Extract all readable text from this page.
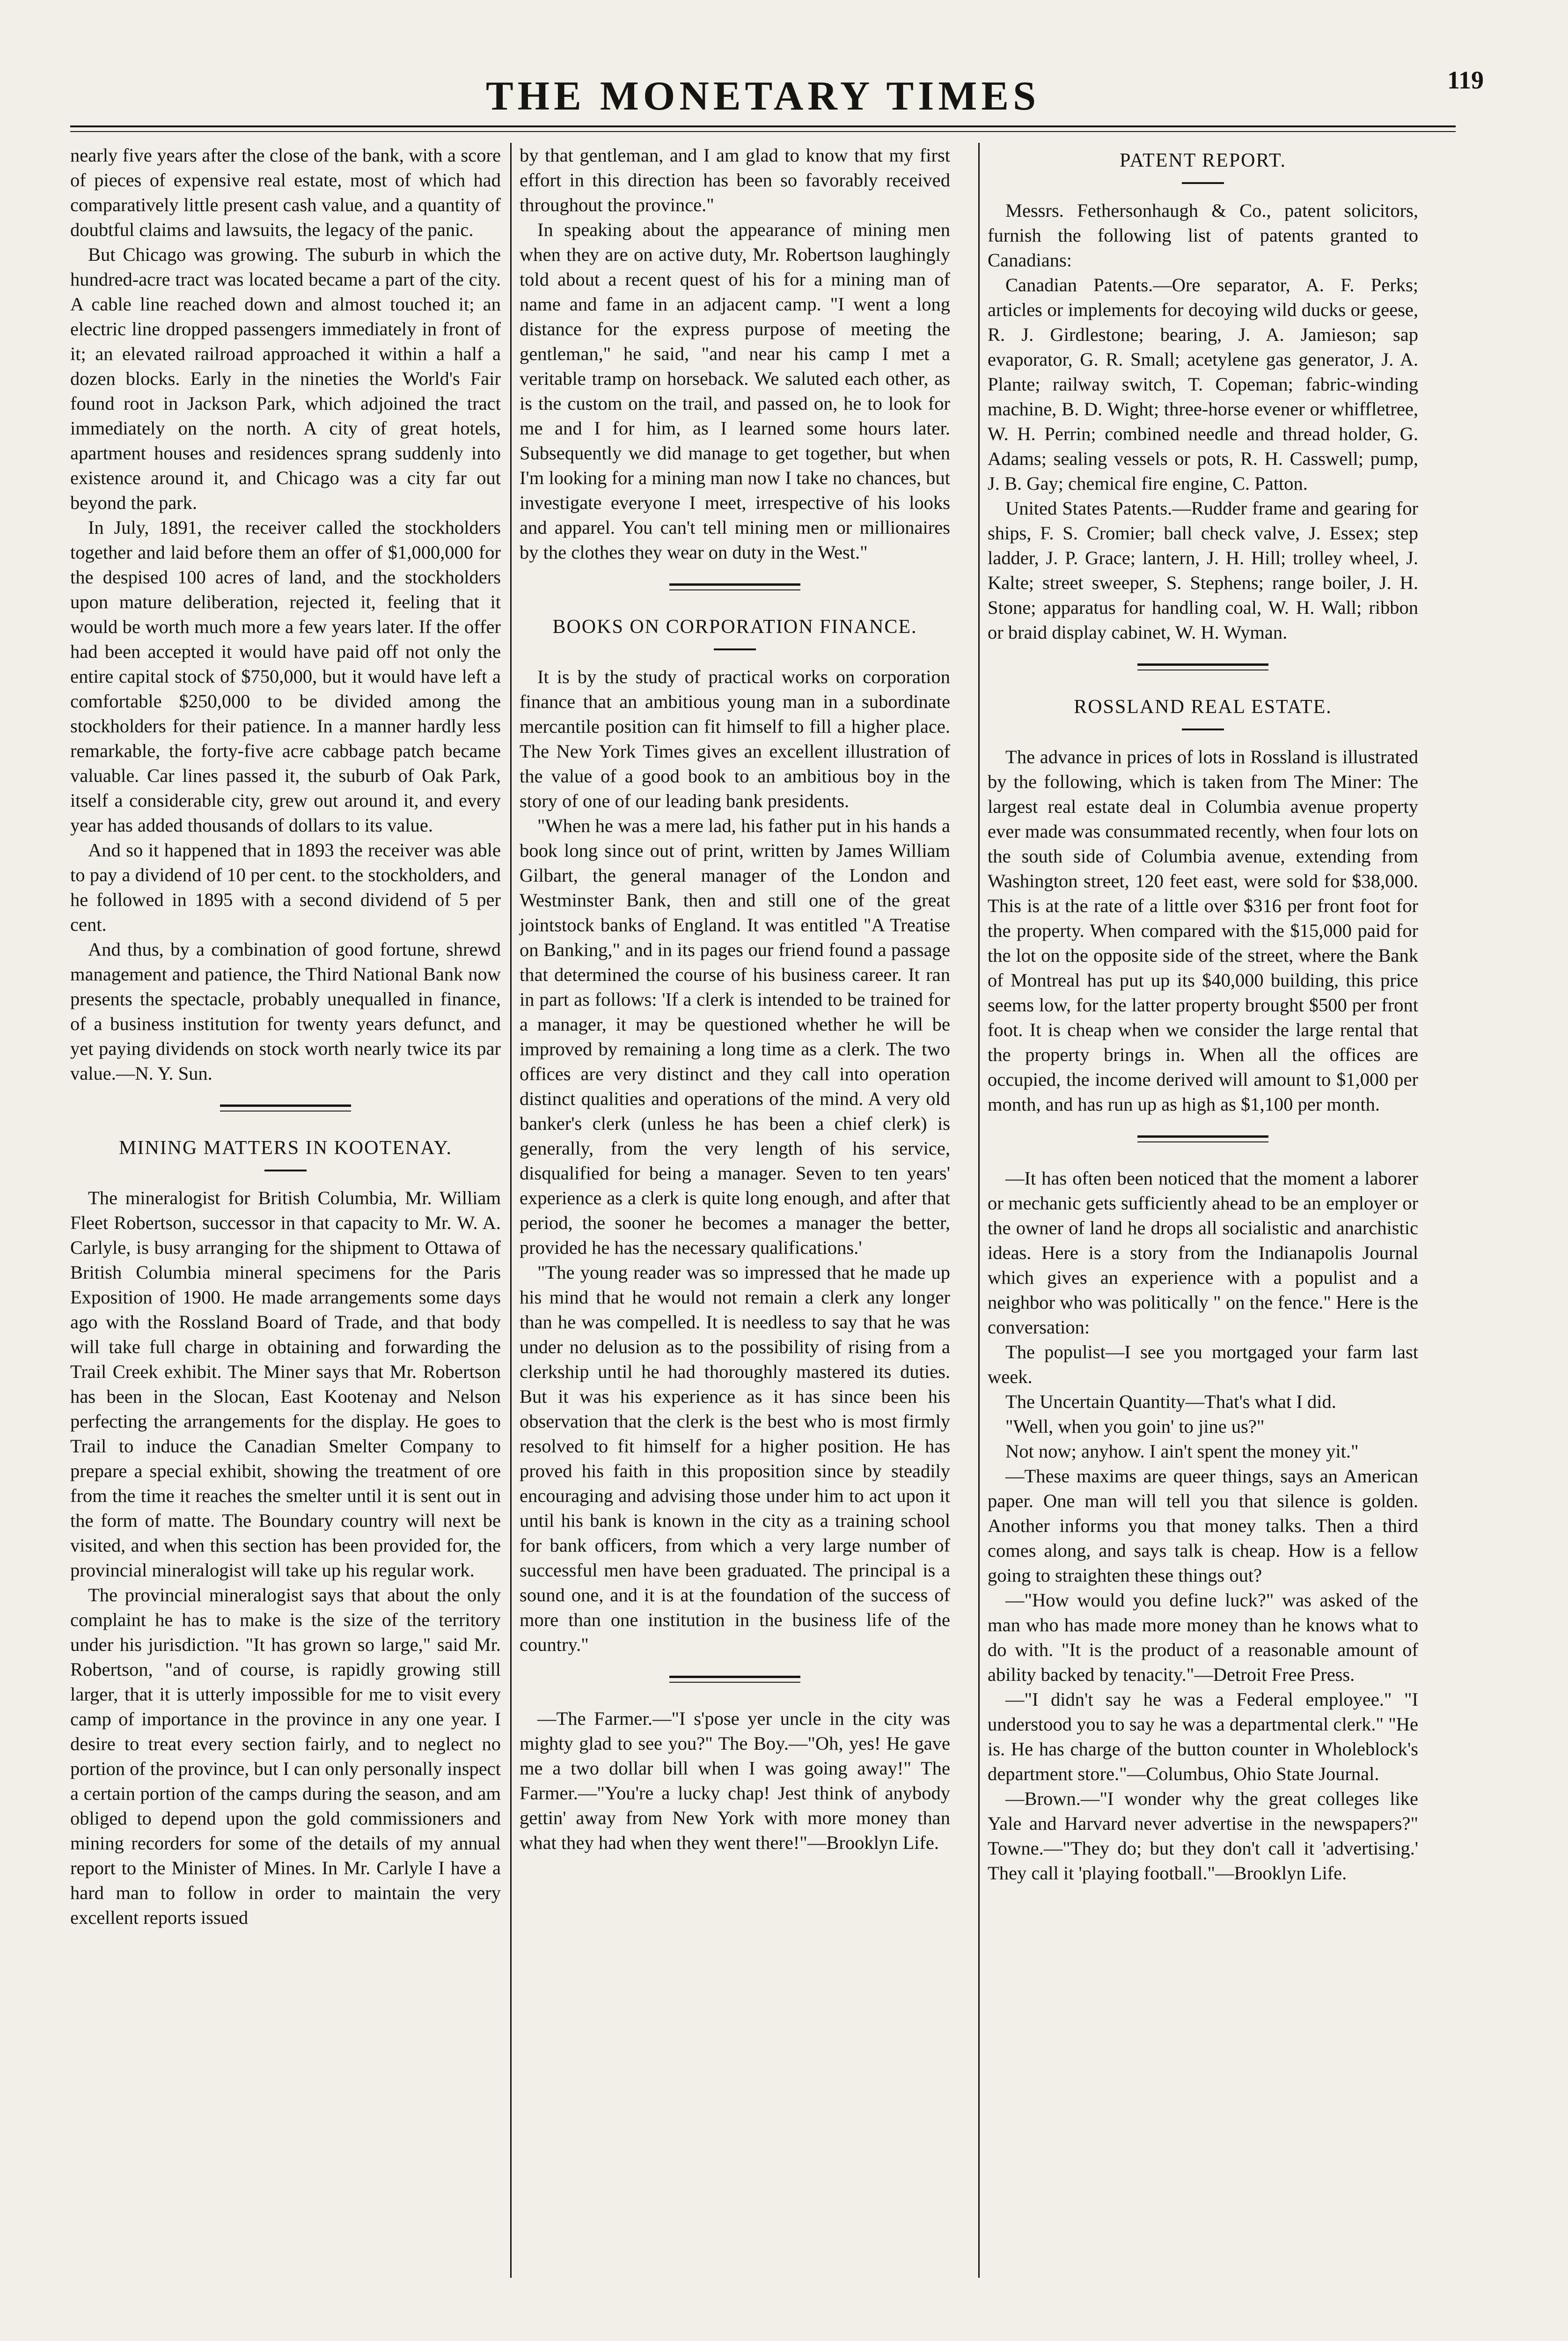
THE MONETARY TIMES	119

nearly five years after the close of the bank, with a score of pieces of expensive real estate, most of which had comparatively little present cash value, and a quantity of doubtful claims and lawsuits, the legacy of the panic.

But Chicago was growing. The suburb in which the hundred-acre tract was located became a part of the city. A cable line reached down and almost touched it; an electric line dropped passengers immediately in front of it; an elevated railroad approached it within a half a dozen blocks. Early in the nineties the World's Fair found root in Jackson Park, which adjoined the tract immediately on the north. A city of great hotels, apartment houses and residences sprang suddenly into existence around it, and Chicago was a city far out beyond the park.

In July, 1891, the receiver called the stockholders together and laid before them an offer of $1,000,000 for the despised 100 acres of land, and the stockholders upon mature deliberation, rejected it, feeling that it would be worth much more a few years later. If the offer had been accepted it would have paid off not only the entire capital stock of $750,000, but it would have left a comfortable $250,000 to be divided among the stockholders for their patience. In a manner hardly less remarkable, the forty-five acre cabbage patch became valuable. Car lines passed it, the suburb of Oak Park, itself a considerable city, grew out around it, and every year has added thousands of dollars to its value.

And so it happened that in 1893 the receiver was able to pay a dividend of 10 per cent. to the stockholders, and he followed in 1895 with a second dividend of 5 per cent.

And thus, by a combination of good fortune, shrewd management and patience, the Third National Bank now presents the spectacle, probably unequalled in finance, of a business institution for twenty years defunct, and yet paying dividends on stock worth nearly twice its par value.—N. Y. Sun.

MINING MATTERS IN KOOTENAY.

The mineralogist for British Columbia, Mr. William Fleet Robertson, successor in that capacity to Mr. W. A. Carlyle, is busy arranging for the shipment to Ottawa of British Columbia mineral specimens for the Paris Exposition of 1900. He made arrangements some days ago with the Rossland Board of Trade, and that body will take full charge in obtaining and forwarding the Trail Creek exhibit. The Miner says that Mr. Robertson has been in the Slocan, East Kootenay and Nelson perfecting the arrangements for the display. He goes to Trail to induce the Canadian Smelter Company to prepare a special exhibit, showing the treatment of ore from the time it reaches the smelter until it is sent out in the form of matte. The Boundary country will next be visited, and when this section has been provided for, the provincial mineralogist will take up his regular work.

The provincial mineralogist says that about the only complaint he has to make is the size of the territory under his jurisdiction. "It has grown so large," said Mr. Robertson, "and of course, is rapidly growing still larger, that it is utterly impossible for me to visit every camp of importance in the province in any one year. I desire to treat every section fairly, and to neglect no portion of the province, but I can only personally inspect a certain portion of the camps during the season, and am obliged to depend upon the gold commissioners and mining recorders for some of the details of my annual report to the Minister of Mines. In Mr. Carlyle I have a hard man to follow in order to maintain the very excellent reports issued

by that gentleman, and I am glad to know that my first effort in this direction has been so favorably received throughout the province."

In speaking about the appearance of mining men when they are on active duty, Mr. Robertson laughingly told about a recent quest of his for a mining man of name and fame in an adjacent camp. "I went a long distance for the express purpose of meeting the gentleman," he said, "and near his camp I met a veritable tramp on horseback. We saluted each other, as is the custom on the trail, and passed on, he to look for me and I for him, as I learned some hours later. Subsequently we did manage to get together, but when I'm looking for a mining man now I take no chances, but investigate everyone I meet, irrespective of his looks and apparel. You can't tell mining men or millionaires by the clothes they wear on duty in the West."

BOOKS ON CORPORATION FINANCE.

It is by the study of practical works on corporation finance that an ambitious young man in a subordinate mercantile position can fit himself to fill a higher place. The New York Times gives an excellent illustration of the value of a good book to an ambitious boy in the story of one of our leading bank presidents.

"When he was a mere lad, his father put in his hands a book long since out of print, written by James William Gilbart, the general manager of the London and Westminster Bank, then and still one of the great jointstock banks of England. It was entitled "A Treatise on Banking," and in its pages our friend found a passage that determined the course of his business career. It ran in part as follows: 'If a clerk is intended to be trained for a manager, it may be questioned whether he will be improved by remaining a long time as a clerk. The two offices are very distinct and they call into operation distinct qualities and operations of the mind. A very old banker's clerk (unless he has been a chief clerk) is generally, from the very length of his service, disqualified for being a manager. Seven to ten years' experience as a clerk is quite long enough, and after that period, the sooner he becomes a manager the better, provided he has the necessary qualifications.'

"The young reader was so impressed that he made up his mind that he would not remain a clerk any longer than he was compelled. It is needless to say that he was under no delusion as to the possibility of rising from a clerkship until he had thoroughly mastered its duties. But it was his experience as it has since been his observation that the clerk is the best who is most firmly resolved to fit himself for a higher position. He has proved his faith in this proposition since by steadily encouraging and advising those under him to act upon it until his bank is known in the city as a training school for bank officers, from which a very large number of successful men have been graduated. The principal is a sound one, and it is at the foundation of the success of more than one institution in the business life of the country."

—The Farmer.—"I s'pose yer uncle in the city was mighty glad to see you?" The Boy.—"Oh, yes! He gave me a two dollar bill when I was going away!" The Farmer.—"You're a lucky chap! Jest think of anybody gettin' away from New York with more money than what they had when they went there!"—Brooklyn Life.

PATENT REPORT.

Messrs. Fethersonhaugh & Co., patent solicitors, furnish the following list of patents granted to Canadians:

Canadian Patents.—Ore separator, A. F. Perks; articles or implements for decoying wild ducks or geese, R. J. Girdlestone; bearing, J. A. Jamieson; sap evaporator, G. R. Small; acetylene gas generator, J. A. Plante; railway switch, T. Copeman; fabric-winding machine, B. D. Wight; three-horse evener or whiffletree, W. H. Perrin; combined needle and thread holder, G. Adams; sealing vessels or pots, R. H. Casswell; pump, J. B. Gay; chemical fire engine, C. Patton.

United States Patents.—Rudder frame and gearing for ships, F. S. Cromier; ball check valve, J. Essex; step ladder, J. P. Grace; lantern, J. H. Hill; trolley wheel, J. Kalte; street sweeper, S. Stephens; range boiler, J. H. Stone; apparatus for handling coal, W. H. Wall; ribbon or braid display cabinet, W. H. Wyman.

ROSSLAND REAL ESTATE.

The advance in prices of lots in Rossland is illustrated by the following, which is taken from The Miner: The largest real estate deal in Columbia avenue property ever made was consummated recently, when four lots on the south side of Columbia avenue, extending from Washington street, 120 feet east, were sold for $38,000. This is at the rate of a little over $316 per front foot for the property. When compared with the $15,000 paid for the lot on the opposite side of the street, where the Bank of Montreal has put up its $40,000 building, this price seems low, for the latter property brought $500 per front foot. It is cheap when we consider the large rental that the property brings in. When all the offices are occupied, the income derived will amount to $1,000 per month, and has run up as high as $1,100 per month.

—It has often been noticed that the moment a laborer or mechanic gets sufficiently ahead to be an employer or the owner of land he drops all socialistic and anarchistic ideas. Here is a story from the Indianapolis Journal which gives an experience with a populist and a neighbor who was politically " on the fence." Here is the conversation:

The populist—I see you mortgaged your farm last week.

The Uncertain Quantity—That's what I did.

"Well, when you goin' to jine us?"

Not now; anyhow. I ain't spent the money yit."

—These maxims are queer things, says an American paper. One man will tell you that silence is golden. Another informs you that money talks. Then a third comes along, and says talk is cheap. How is a fellow going to straighten these things out?

—"How would you define luck?" was asked of the man who has made more money than he knows what to do with. "It is the product of a reasonable amount of ability backed by tenacity."—Detroit Free Press.

—"I didn't say he was a Federal employee." "I understood you to say he was a departmental clerk." "He is. He has charge of the button counter in Wholeblock's department store."—Columbus, Ohio State Journal.

—Brown.—"I wonder why the great colleges like Yale and Harvard never advertise in the newspapers?" Towne.—"They do; but they don't call it 'advertising.' They call it 'playing football."—Brooklyn Life.
